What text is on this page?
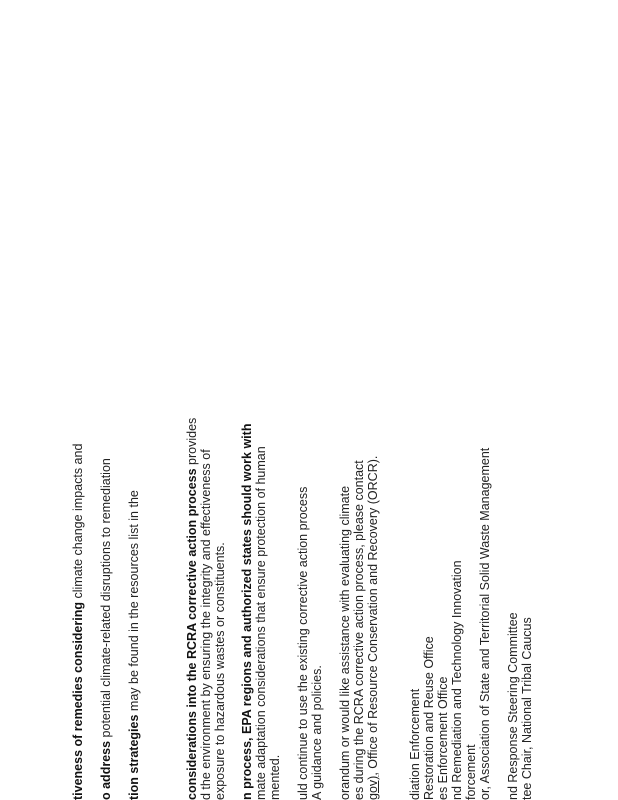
tiveness of remedies considering climate change impacts and
o address potential climate-related disruptions to remediation
tion strategies may be found in the resources list in the	considerations into the RCRA corrective action process provides
d the environment by ensuring the integrity and effectiveness of exposure to hazardous wastes or constituents. n process, EPA regions and authorized states should work with mate adaptation considerations that ensure protection of human mented. uld continue to use the existing corrective action process A guidance and policies. orandum or would like assistance with evaluating climate es during the RCRA corrective action process, please contact gov), Office of Resource Conservation and Recovery (ORCR). diation Enforcement Restoration and Reuse Office es Enforcement Office nd Remediation and Technology Innovation forcement or, Association of State and Territorial Solid Waste Management nd Response Steering Committee tee Chair, National Tribal Caucus
